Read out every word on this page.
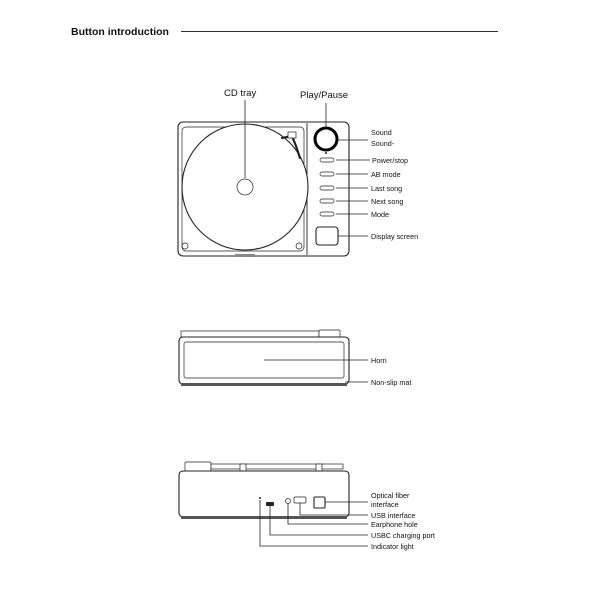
Button introduction
CD tray	Play/Pause
Sound
Sound-
Power/stop
AB mode
Last song
Next song
Mode
Display screen
Horn
Non-slip mat
Optical fiber
interface
USB interface
Earphone hole
USBC charging port
Indicator light
